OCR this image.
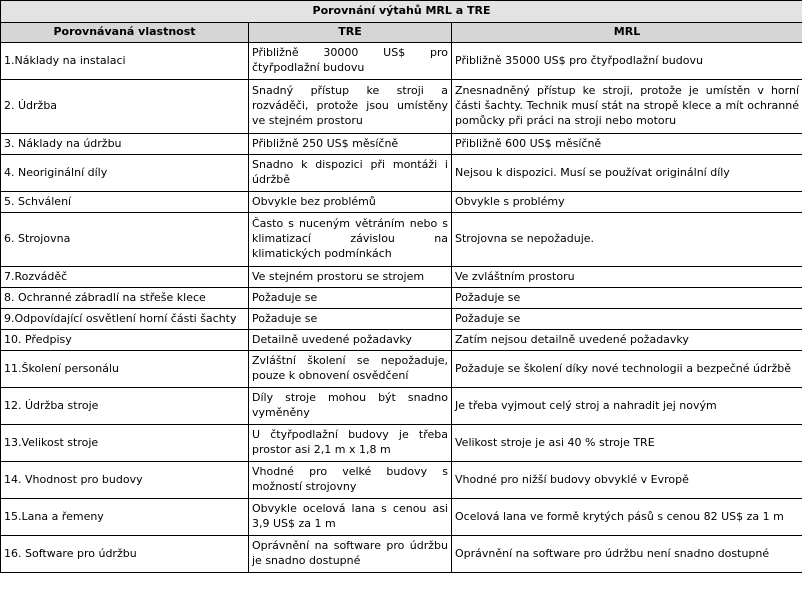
Porovnání výtahů MRL a TRE		
Porovnávaná vlastnost	TRE	MRL
1.Náklady na instalaci	Přibližně 30000 US$ pro čtyřpodlažní budovu	Přibližně 35000 US$ pro čtyřpodlažní budovu
2. Údržba	Snadný přístup ke stroji a rozváděči, protože jsou umístěny ve stejném prostoru	Znesnadněný přístup ke stroji, protože je umístěn v horní části šachty. Technik musí stát na stropě klece a mít ochranné pomůcky při práci na stroji nebo motoru
3. Náklady na údržbu	Přibližně 250 US$ měsíčně	Přibližně 600 US$ měsíčně
4. Neoriginální díly	Snadno k dispozici při montáži i údržbě	Nejsou k dispozici. Musí se používat originální díly
5. Schválení	Obvykle bez problémů	Obvykle s problémy
6. Strojovna	Často s nuceným větráním nebo s klimatizací závislou na klimatických podmínkách	Strojovna se nepožaduje.
7.Rozváděč	Ve stejném prostoru se strojem	Ve zvláštním prostoru
8. Ochranné zábradlí na střeše klece	Požaduje se	Požaduje se
9.Odpovídající osvětlení horní části šachty	Požaduje se	Požaduje se
10. Předpisy	Detailně uvedené požadavky	Zatím nejsou detailně uvedené požadavky
11.Školení personálu	Zvláštní školení se nepožaduje, pouze k obnovení osvědčení	Požaduje se školení díky nové technologii a bezpečné údržbě
12. Údržba stroje	Díly stroje mohou být snadno vyměněny	Je třeba vyjmout celý stroj a nahradit jej novým
13.Velikost stroje	U čtyřpodlažní budovy je třeba prostor asi 2,1 m x 1,8 m	Velikost stroje je asi 40 % stroje TRE
14. Vhodnost pro budovy	Vhodné pro velké budovy s možností strojovny	Vhodné pro nižší budovy obvyklé v Evropě
15.Lana a řemeny	Obvykle ocelová lana s cenou asi 3,9 US$ za 1 m	Ocelová lana ve formě krytých pásů s cenou 82 US$ za 1 m
16. Software pro údržbu	Oprávnění na software pro údržbu je snadno dostupné	Oprávnění na software pro údržbu není snadno dostupné
